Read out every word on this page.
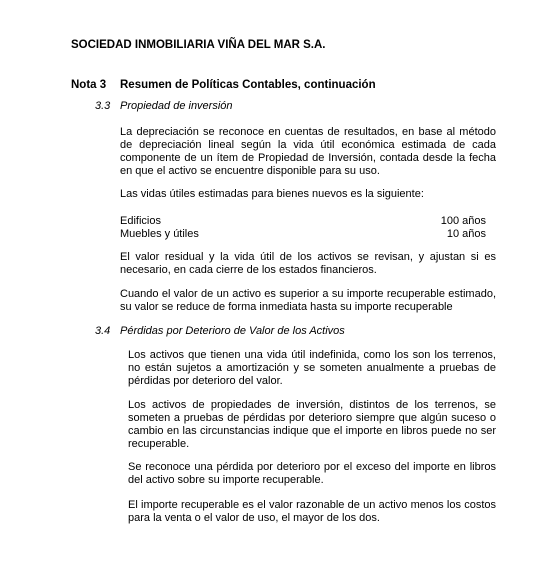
SOCIEDAD INMOBILIARIA VIÑA DEL MAR S.A.
Nota 3 Resumen de Políticas Contables, continuación
3.3 Propiedad de inversión

La depreciación se reconoce en cuentas de resultados, en base al método de depreciación lineal según la vida útil económica estimada de cada componente de un ítem de Propiedad de Inversión, contada desde la fecha en que el activo se encuentre disponible para su uso.

Las vidas útiles estimadas para bienes nuevos es la siguiente:

Edificios	100 años
Muebles y útiles	10 años

El valor residual y la vida útil de los activos se revisan, y ajustan si es necesario, en cada cierre de los estados financieros.

Cuando el valor de un activo es superior a su importe recuperable estimado, su valor se reduce de forma inmediata hasta su importe recuperable

3.4 Pérdidas por Deterioro de Valor de los Activos

Los activos que tienen una vida útil indefinida, como los son los terrenos, no están sujetos a amortización y se someten anualmente a pruebas de pérdidas por deterioro del valor.

Los activos de propiedades de inversión, distintos de los terrenos, se someten a pruebas de pérdidas por deterioro siempre que algún suceso o cambio en las circunstancias indique que el importe en libros puede no ser recuperable.

Se reconoce una pérdida por deterioro por el exceso del importe en libros del activo sobre su importe recuperable.

El importe recuperable es el valor razonable de un activo menos los costos para la venta o el valor de uso, el mayor de los dos.
